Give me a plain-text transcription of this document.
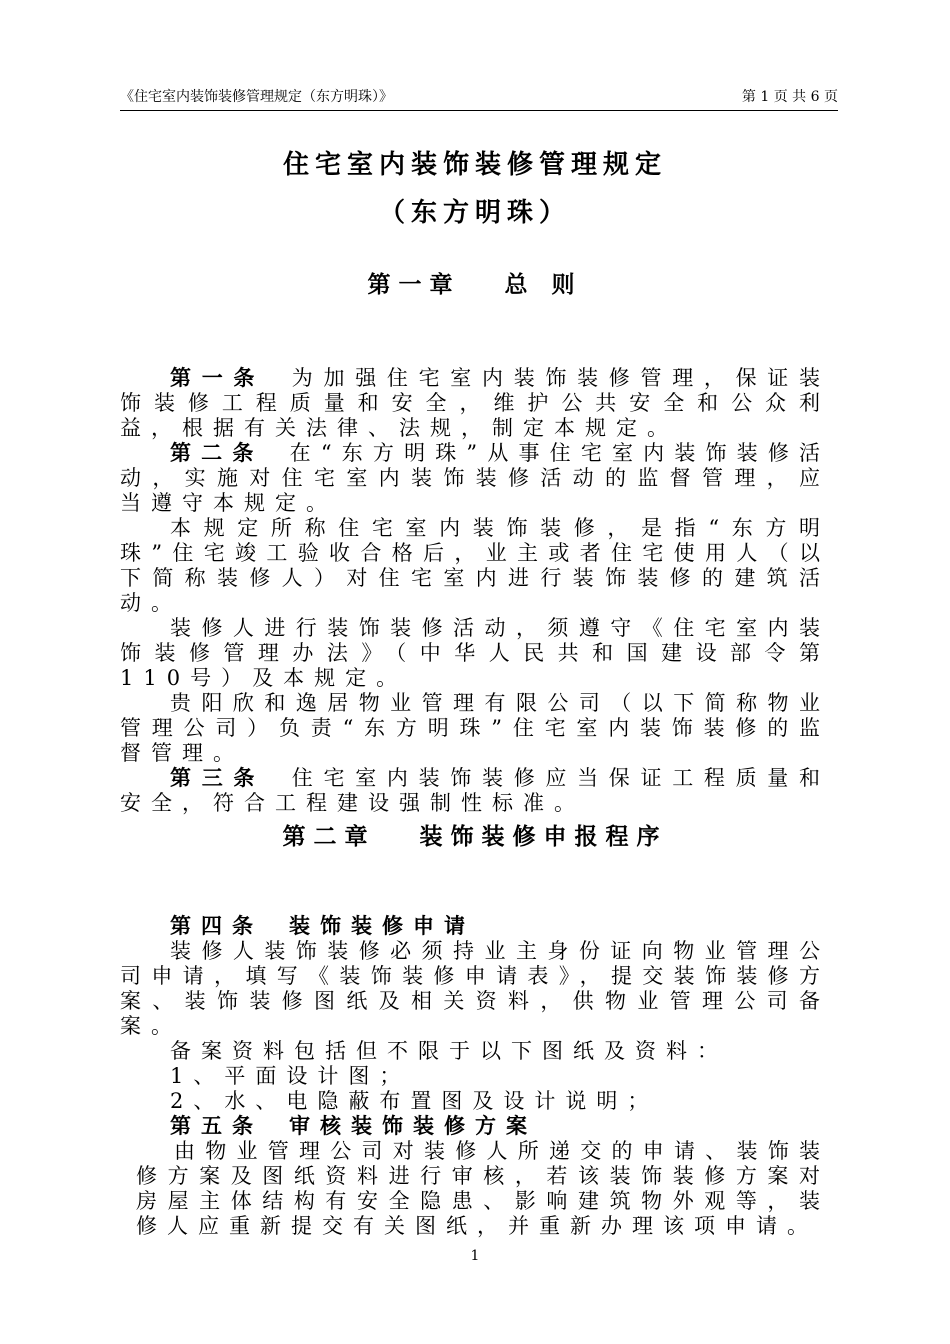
《住宅室内装饰装修管理规定（东方明珠）》	第 1 页 共 6 页
住宅室内装饰装修管理规定
（东方明珠）
第一章 总 则

第一条 为加强住宅室内装饰装修管理，保证装饰装修工程质量和安全，维护公共安全和公众利益，根据有关法律、法规，制定本规定。

第二条 在“东方明珠”从事住宅室内装饰装修活动，实施对住宅室内装饰装修活动的监督管理，应当遵守本规定。

本规定所称住宅室内装饰装修，是指“东方明珠”住宅竣工验收合格后，业主或者住宅使用人（以下简称装修人）对住宅室内进行装饰装修的建筑活动。

装修人进行装饰装修活动，须遵守《住宅室内装饰装修管理办法》（中华人民共和国建设部令第110号）及本规定。

贵阳欣和逸居物业管理有限公司（以下简称物业管理公司）负责“东方明珠”住宅室内装饰装修的监督管理。

第三条 住宅室内装饰装修应当保证工程质量和安全，符合工程建设强制性标准。

第二章 装饰装修申报程序

第四条 装饰装修申请

装修人装饰装修必须持业主身份证向物业管理公司申请，填写《装饰装修申请表》，提交装饰装修方案、装饰装修图纸及相关资料，供物业管理公司备案。

备案资料包括但不限于以下图纸及资料：

1、平面设计图；

2、水、电隐蔽布置图及设计说明；

第五条 审核装饰装修方案

由物业管理公司对装修人所递交的申请、装饰装修方案及图纸资料进行审核，若该装饰装修方案对房屋主体结构有安全隐患、影响建筑物外观等，装修人应重新提交有关图纸，并重新办理该项申请。

1
